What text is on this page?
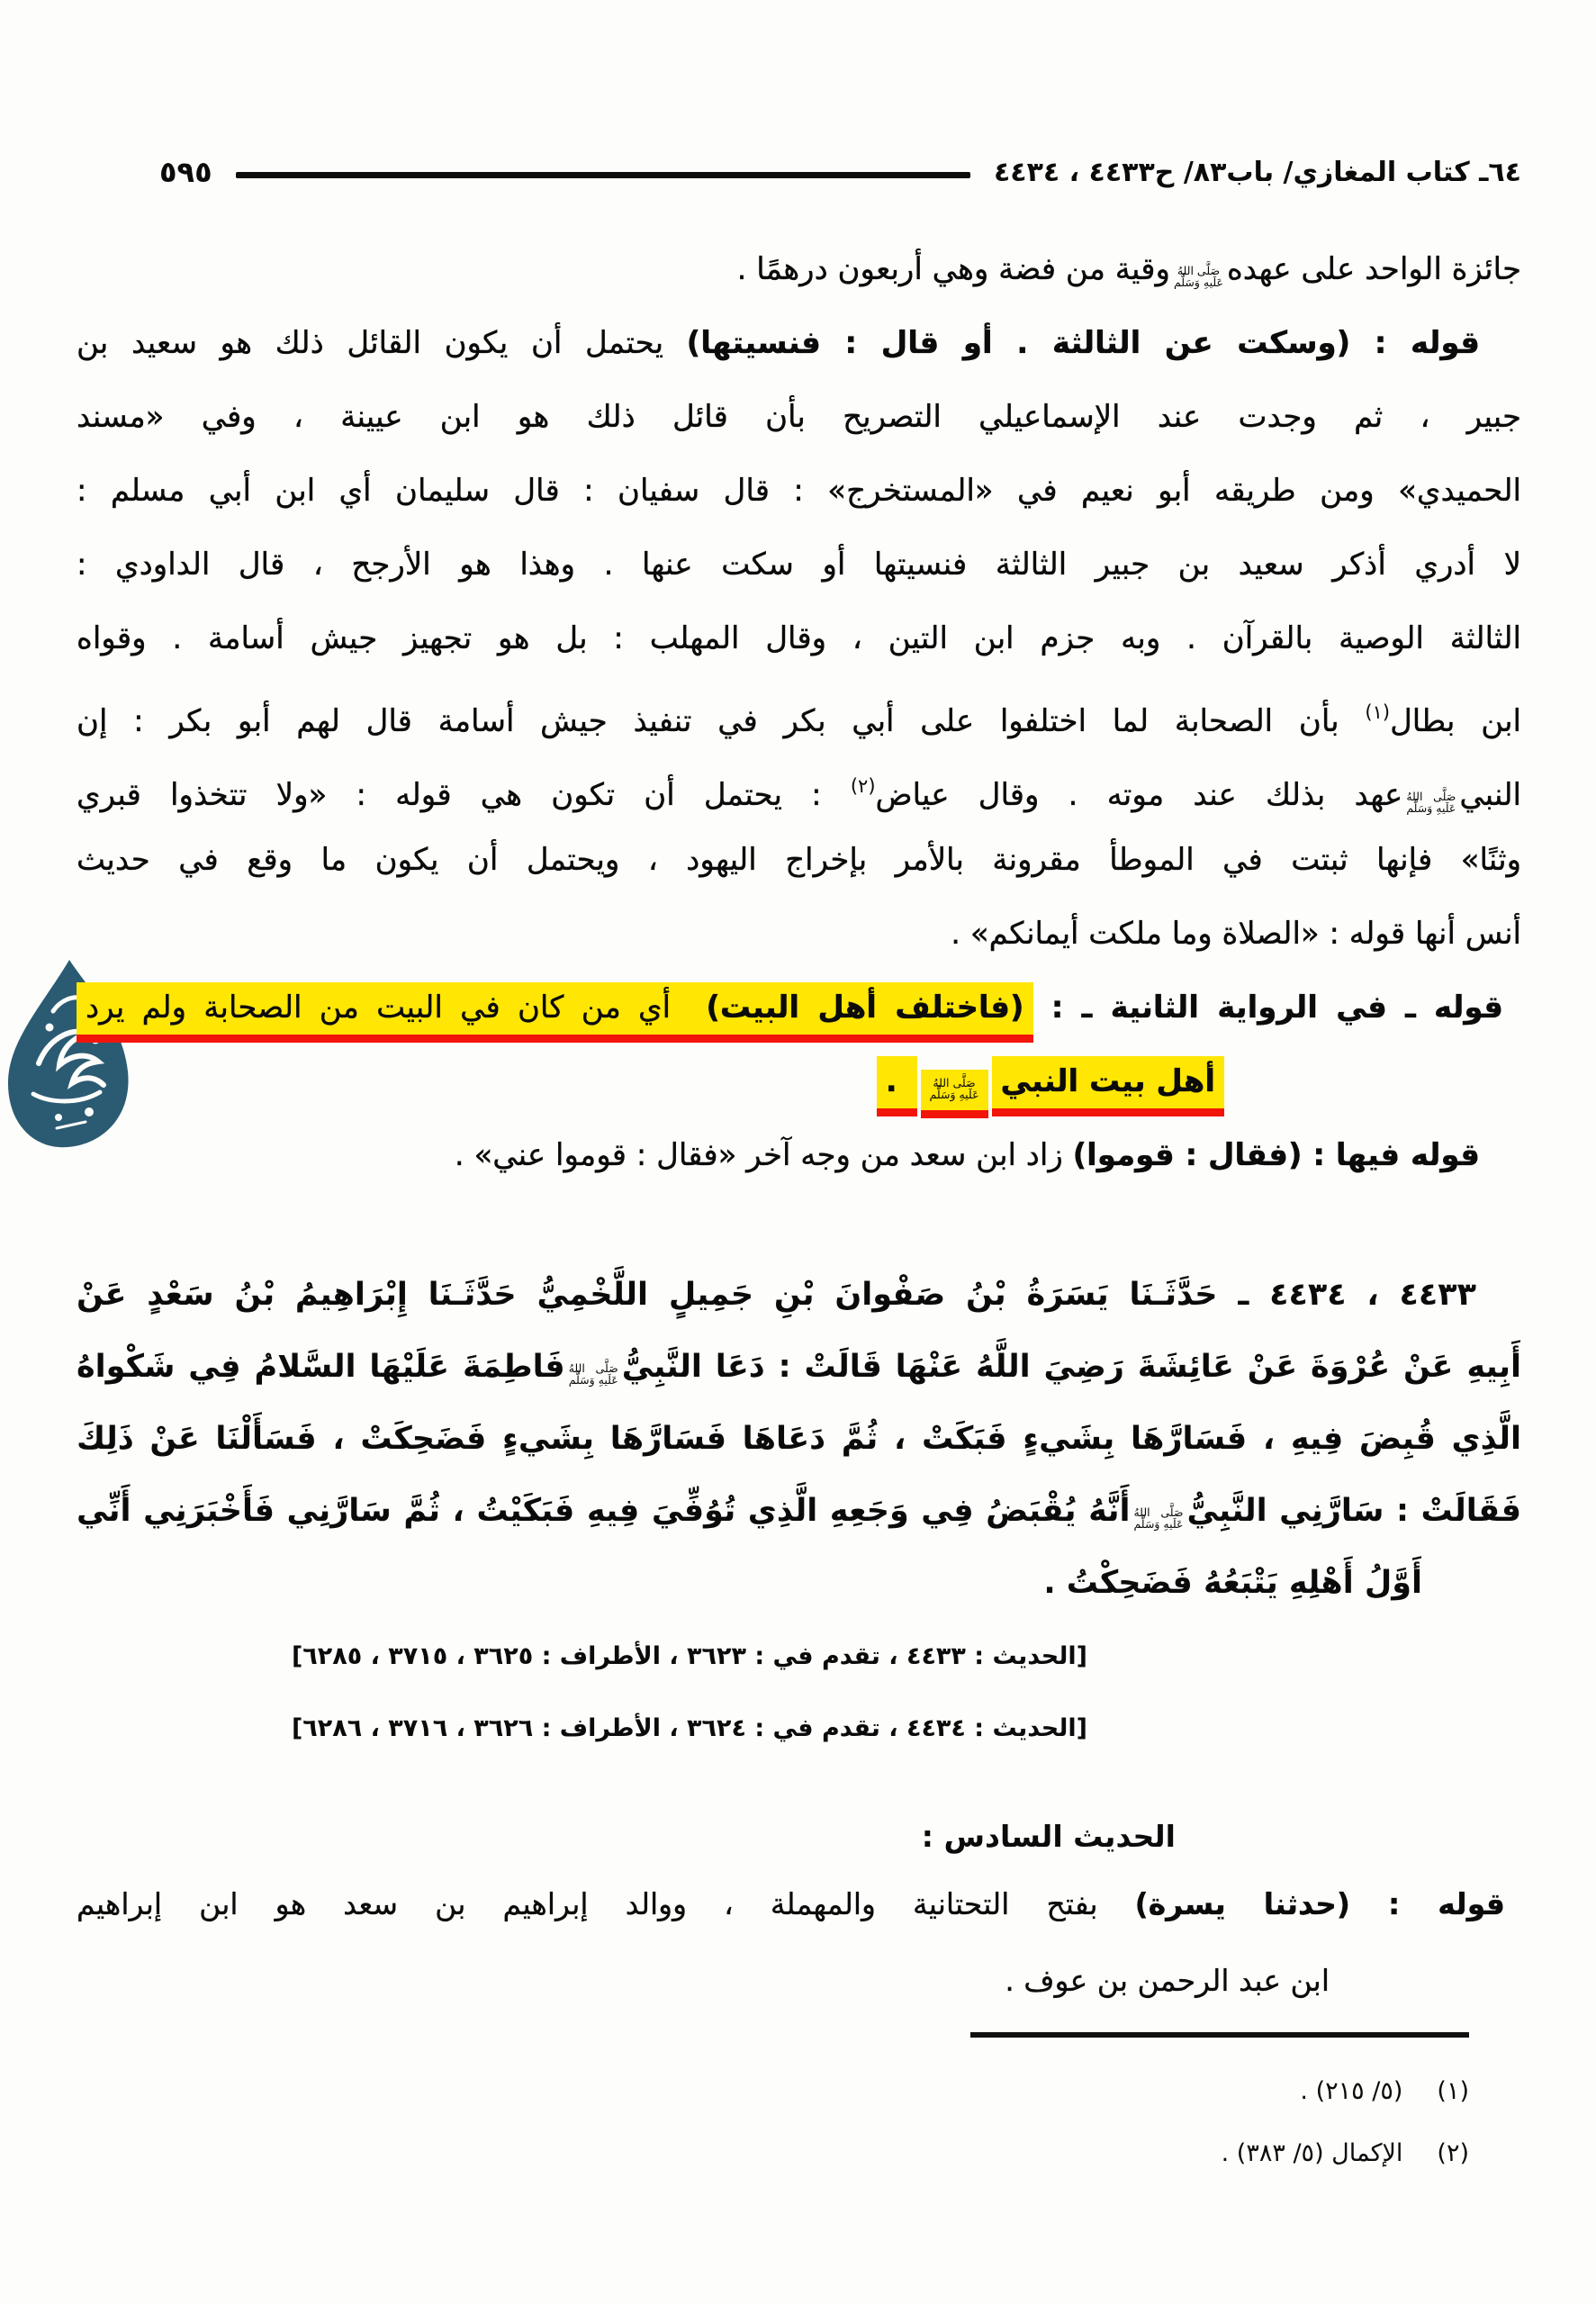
٦٤ـ كتاب المغازي/ باب٨٣/ ح٤٤٣٣ ، ٤٤٣٤
٥٩٥
جائزة الواحد على عهده
صَلَّى اللهُ
عَلَيهِ وَسَلَّم
وقية من فضة وهي أربعون درهمًا .
قوله : (وسكت عن الثالثة . أو قال : فنسيتها) يحتمل أن يكون القائل ذلك هو سعيد بن
جبير ، ثم وجدت عند الإسماعيلي التصريح بأن قائل ذلك هو ابن عيينة ، وفي «مسند
الحميدي» ومن طريقه أبو نعيم في «المستخرج» : قال سفيان : قال سليمان أي ابن أبي مسلم :
لا أدري أذكر سعيد بن جبير الثالثة فنسيتها أو سكت عنها . وهذا هو الأرجح ، قال الداودي :
الثالثة الوصية بالقرآن . وبه جزم ابن التين ، وقال المهلب : بل هو تجهيز جيش أسامة . وقواه
ابن بطال$^{(١)}$ بأن الصحابة لما اختلفوا على أبي بكر في تنفيذ جيش أسامة قال لهم أبو بكر : إن
النبي
صَلَّى اللهُ
عَلَيهِ وَسَلَّم
عهد بذلك عند موته . وقال عياض$^{(٢)}$ : يحتمل أن تكون هي قوله : «ولا تتخذوا قبري
وثنًا» فإنها ثبتت في الموطأ مقرونة بالأمر بإخراج اليهود ، ويحتمل أن يكون ما وقع في حديث
أنس أنها قوله : «الصلاة وما ملكت أيمانكم» .
قوله ـ في الرواية الثانية ـ : (فاختلف أهل البيت) أي من كان في البيت من الصحابة ولم يرد
أهل بيت النبي
صَلَّى اللهُ
عَلَيهِ وَسَلَّم
.
قوله فيها : (فقال : قوموا) زاد ابن سعد من وجه آخر «فقال : قوموا عني» .
٤٤٣٣ ، ٤٤٣٤ ـ حَدَّثَـنَا يَسَرَةُ بْنُ صَفْوانَ بْنِ جَمِيلٍ اللَّخْمِيُّ حَدَّثَـنَا إِبْرَاهِيمُ بْنُ سَعْدٍ عَنْ
أَبِيهِ عَنْ عُرْوَةَ عَنْ عَائِشَةَ رَضِيَ اللَّهُ عَنْهَا قَالَتْ : دَعَا النَّبِيُّ
صَلَّى اللهُ
عَلَيهِ وَسَلَّم
فَاطِمَةَ عَلَيْهَا السَّلامُ فِي شَكْواهُ
الَّذِي قُبِضَ فِيهِ ، فَسَارَّهَا بِشَيءٍ فَبَكَتْ ، ثُمَّ دَعَاهَا فَسَارَّهَا بِشَيءٍ فَضَحِكَتْ ، فَسَأَلْنَا عَنْ ذَلِكَ
فَقَالَتْ : سَارَّنِي النَّبِيُّ
صَلَّى اللهُ
عَلَيهِ وَسَلَّم
أَنَّهُ يُقْبَضُ فِي وَجَعِهِ الَّذِي تُوُفِّيَ فِيهِ فَبَكَيْتُ ، ثُمَّ سَارَّنِي فَأَخْبَرَنِي أَنِّي
أَوَّلُ أَهْلِهِ يَتْبَعُهُ فَضَحِكْتُ .
[الحديث : ٤٤٣٣ ، تقدم في : ٣٦٢٣ ، الأطراف : ٣٦٢٥ ، ٣٧١٥ ، ٦٢٨٥]
[الحديث : ٤٤٣٤ ، تقدم في : ٣٦٢٤ ، الأطراف : ٣٦٢٦ ، ٣٧١٦ ، ٦٢٨٦]
الحديث السادس :
قوله : (حدثنا يسرة) بفتح التحتانية والمهملة ، ووالد إبراهيم بن سعد هو ابن إبراهيم
ابن عبد الرحمن بن عوف .
(١)(٥/ ٢١٥) .
(٢)الإكمال (٥/ ٣٨٣) .
